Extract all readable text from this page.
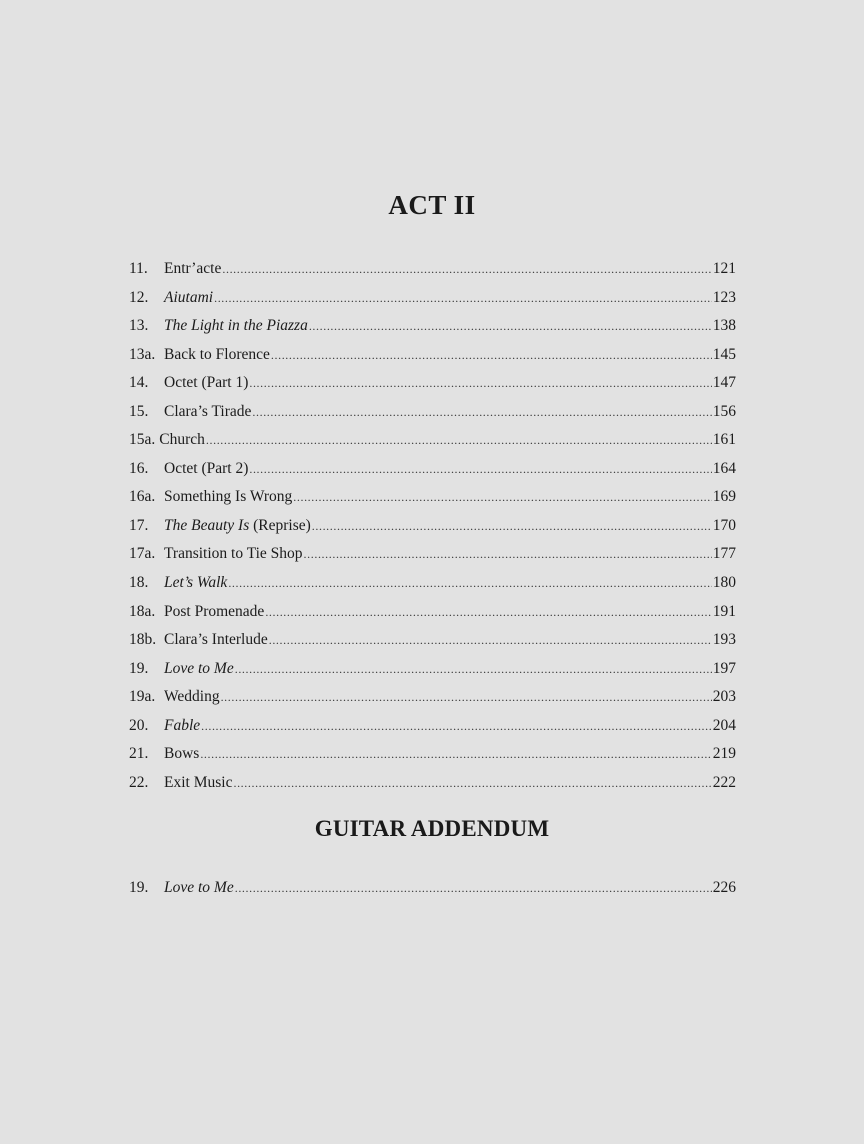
ACT II
11.	Entr’acte .....	121
12.	Aiutami .....	123
13.	The Light in the Piazza .....	138
13a. Back to Florence .....	145
14.	Octet (Part 1) .....	147
15.	Clara’s Tirade .....	156
15a. Church .....	161
16.	Octet (Part 2) .....	164
16a. Something Is Wrong .....	169
17.	The Beauty Is (Reprise) .....	170
17a. Transition to Tie Shop .....	177
18.	Let’s Walk .....	180
18a. Post Promenade .....	191
18b. Clara’s Interlude .....	193
19.	Love to Me .....	197
19a. Wedding .....	203
20.	Fable .....	204
21.	Bows .....	219
22.	Exit Music .....	222
GUITAR ADDENDUM
19.	Love to Me .....	226
